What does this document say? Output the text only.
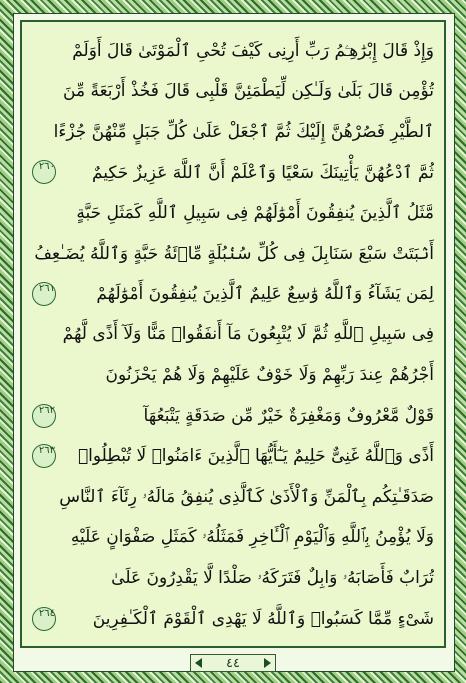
وَإِذْ قَالَ إِبْرَٰهِـۧمُ رَبِّ أَرِنِى كَيْفَ تُحْىِ ٱلْمَوْتَىٰ قَالَ أَوَلَمْ
تُؤْمِن قَالَ بَلَىٰ وَلَـٰكِن لِّيَطْمَئِنَّ قَلْبِى قَالَ فَخُذْ أَرْبَعَةً مِّنَ
ٱلطَّيْرِ فَصُرْهُنَّ إِلَيْكَ ثُمَّ ٱجْعَلْ عَلَىٰ كُلِّ جَبَلٍ مِّنْهُنَّ جُزْءًا
ثُمَّ ٱدْعُهُنَّ يَأْتِينَكَ سَعْيًا وَٱعْلَمْ أَنَّ ٱللَّهَ عَزِيزٌ حَكِيمٌ
٢٦٠
مَّثَلُ ٱلَّذِينَ يُنفِقُونَ أَمْوَٰلَهُمْ فِى سَبِيلِ ٱللَّهِ كَمَثَلِ حَبَّةٍ
أَنۢبَتَتْ سَبْعَ سَنَابِلَ فِى كُلِّ سُنۢبُلَةٍ مِّا۟ئَةُ حَبَّةٍ وَٱللَّهُ يُضَـٰعِفُ
لِمَن يَشَآءُ وَٱللَّهُ وَٰسِعٌ عَلِيمٌ ٱلَّذِينَ يُنفِقُونَ أَمْوَٰلَهُمْ
٢٦١
فِى سَبِيلِ ٱللَّهِ ثُمَّ لَا يُتْبِعُونَ مَآ أَنفَقُوا۟ مَنًّا وَلَآ أَذًى لَّهُمْ
أَجْرُهُمْ عِندَ رَبِّهِمْ وَلَا خَوْفٌ عَلَيْهِمْ وَلَا هُمْ يَحْزَنُونَ
قَوْلٌ مَّعْرُوفٌ وَمَغْفِرَةٌ خَيْرٌ مِّن صَدَقَةٍ يَتْبَعُهَآ
٢٦٢
أَذًى وَٱللَّهُ غَنِىٌّ حَلِيمٌ يَـٰٓأَيُّهَا ٱلَّذِينَ ءَامَنُوا۟ لَا تُبْطِلُوا۟
٢٦٣
صَدَقَـٰتِكُم بِٱلْمَنِّ وَٱلْأَذَىٰ كَٱلَّذِى يُنفِقُ مَالَهُۥ رِئَآءَ ٱلنَّاسِ
وَلَا يُؤْمِنُ بِٱللَّهِ وَٱلْيَوْمِ ٱلْـَٔاخِرِ فَمَثَلُهُۥ كَمَثَلِ صَفْوَانٍ عَلَيْهِ
تُرَابٌ فَأَصَابَهُۥ وَابِلٌ فَتَرَكَهُۥ صَلْدًا لَّا يَقْدِرُونَ عَلَىٰ
شَىْءٍ مِّمَّا كَسَبُوا۟ وَٱللَّهُ لَا يَهْدِى ٱلْقَوْمَ ٱلْكَـٰفِرِينَ
٢٦٤
٤٤
